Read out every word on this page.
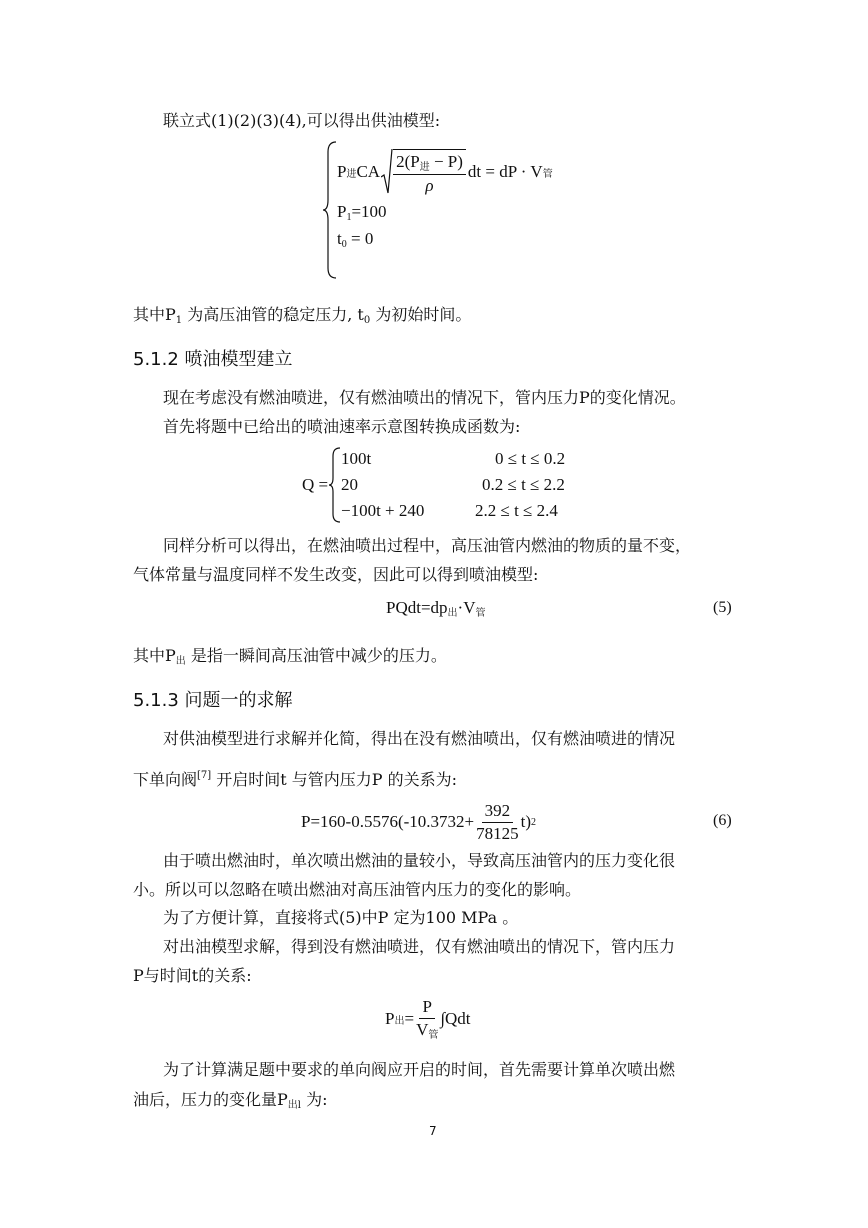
联立式(1)(2)(3)(4),可以得出供油模型:
P 进 CA $\frac{2(P_进 - P)}{\rho}$ dt = dP · V 管
$P_1=100$
$t_0 = 0$
其中$P_1$ 为高压油管的稳定压力, $t_0$ 为初始时间。
5.1.2 喷油模型建立
现在考虑没有燃油喷进，仅有燃油喷出的情况下，管内压力P的变化情况。
首先将题中已给出的喷油速率示意图转换成函数为:
Q =
100t	0 ≤ t ≤ 0.2
20	0.2 ≤ t ≤ 2.2
−100t + 240	2.2 ≤ t ≤ 2.4
同样分析可以得出，在燃油喷出过程中，高压油管内燃油的物质的量不变，
气体常量与温度同样不发生改变，因此可以得到喷油模型:
$PQdt=dp_出\cdot V_管$	(5)
其中$P_出$ 是指一瞬间高压油管中减少的压力。
5.1.3 问题一的求解
对供油模型进行求解并化简，得出在没有燃油喷出，仅有燃油喷进的情况
下单向阀[7] 开启时间t 与管内压力P 的关系为:
$P=160-0.5576(-10.3732+ \frac{392}{78125} t)$ 2	(6)
由于喷出燃油时，单次喷出燃油的量较小，导致高压油管内的压力变化很
小。所以可以忽略在喷出燃油对高压油管内压力的变化的影响。
为了方便计算，直接将式(5)中P 定为100 MPa 。
对出油模型求解，得到没有燃油喷进，仅有燃油喷出的情况下，管内压力
P与时间t的关系:
P 出 = $\frac{P}{V_管} \int Qdt$
为了计算满足题中要求的单向阀应开启的时间，首先需要计算单次喷出燃
油后，压力的变化量$P_{出l}$ 为:
7
